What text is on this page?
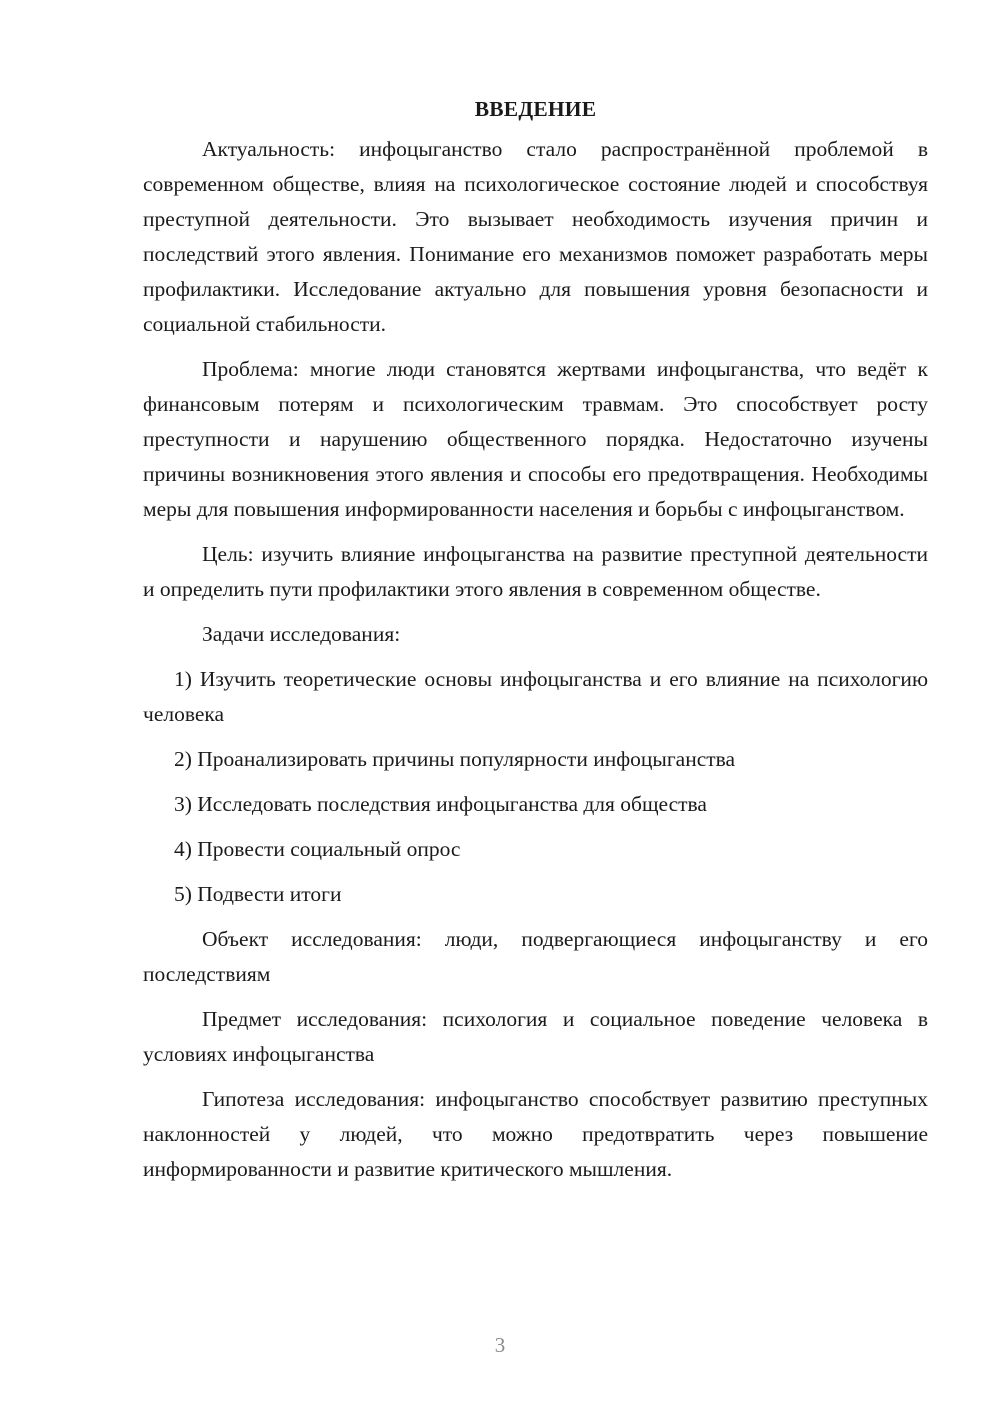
ВВЕДЕНИЕ

Актуальность: инфоцыганство стало распространённой проблемой в современном обществе, влияя на психологическое состояние людей и способствуя преступной деятельности. Это вызывает необходимость изучения причин и последствий этого явления. Понимание его механизмов поможет разработать меры профилактики. Исследование актуально для повышения уровня безопасности и социальной стабильности.

Проблема: многие люди становятся жертвами инфоцыганства, что ведёт к финансовым потерям и психологическим травмам. Это способствует росту преступности и нарушению общественного порядка. Недостаточно изучены причины возникновения этого явления и способы его предотвращения. Необходимы меры для повышения информированности населения и борьбы с инфоцыганством.

Цель: изучить влияние инфоцыганства на развитие преступной деятельности и определить пути профилактики этого явления в современном обществе.

Задачи исследования:

1) Изучить теоретические основы инфоцыганства и его влияние на психологию человека

2) Проанализировать причины популярности инфоцыганства

3) Исследовать последствия инфоцыганства для общества

4) Провести социальный опрос

5) Подвести итоги

Объект исследования: люди, подвергающиеся инфоцыганству и его последствиям

Предмет исследования: психология и социальное поведение человека в условиях инфоцыганства

Гипотеза исследования: инфоцыганство способствует развитию преступных наклонностей у людей, что можно предотвратить через повышение информированности и развитие критического мышления.

3
